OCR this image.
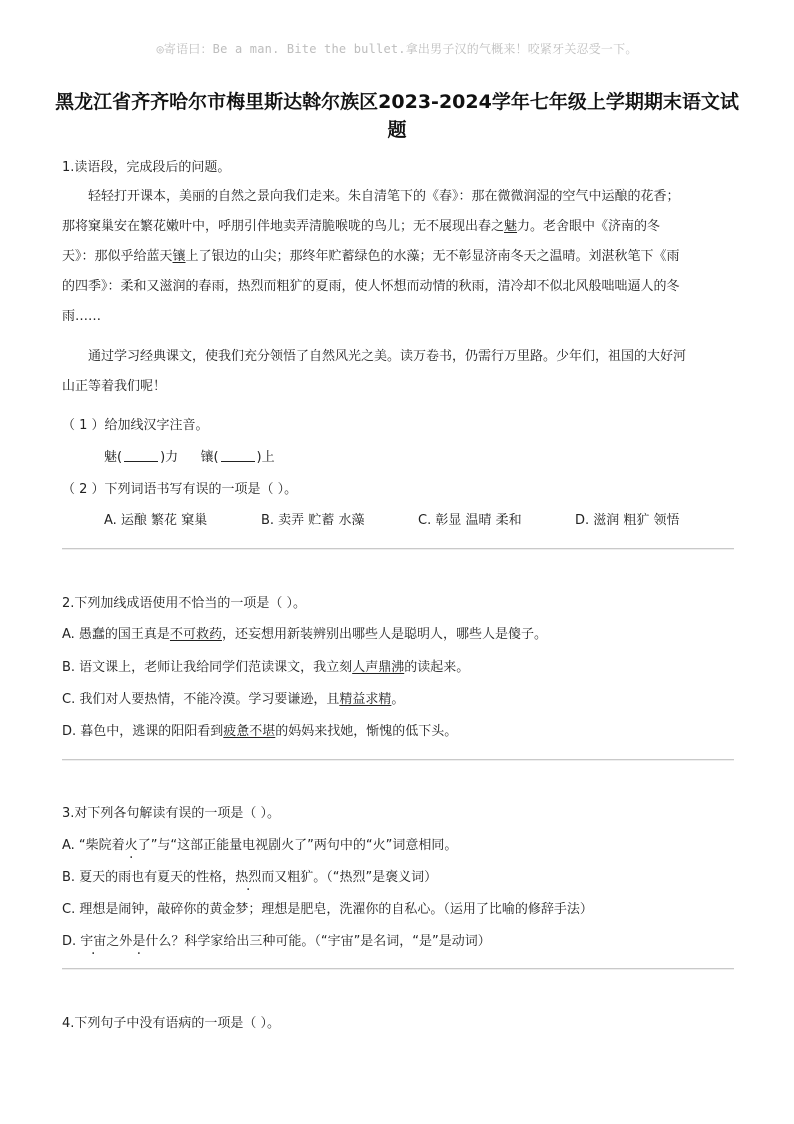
◎寄语曰：Be a man. Bite the bullet.拿出男子汉的气概来！咬紧牙关忍受一下。
黑龙江省齐齐哈尔市梅里斯达斡尔族区2023-2024学年七年级上学期期末语文试
题
1.读语段，完成段后的问题。
轻轻打开课本，美丽的自然之景向我们走来。朱自清笔下的《春》：那在微微润湿的空气中运酿的花香；
那将窠巢安在繁花嫩叶中，呼朋引伴地卖弄清脆喉咙的鸟儿；无不展现出春之魅力。老舍眼中《济南的冬
天》：那似乎给蓝天镶上了银边的山尖；那终年贮蓄绿色的水藻；无不彰显济南冬天之温晴。刘湛秋笔下《雨
的四季》：柔和又滋润的春雨，热烈而粗犷的夏雨，使人怀想而动情的秋雨，清冷却不似北风般咄咄逼人的冬
雨……
通过学习经典课文，使我们充分领悟了自然风光之美。读万卷书，仍需行万里路。少年们，祖国的大好河
山正等着我们呢！
（ 1 ）给加线汉字注音。
魅(	)力 镶(	)上
（ 2 ）下列词语书写有误的一项是（ ）。
A. 运酿 繁花 窠巢	B. 卖弄 贮蓄 水藻	C. 彰显 温晴 柔和	D. 滋润 粗犷 领悟
2.下列加线成语使用不恰当的一项是（ ）。
A. 愚蠢的国王真是不可救药，还妄想用新装辨别出哪些人是聪明人，哪些人是傻子。
B. 语文课上，老师让我给同学们范读课文，我立刻人声鼎沸的读起来。
C. 我们对人要热情，不能冷漠。学习要谦逊，且精益求精。
D. 暮色中，逃课的阳阳看到疲惫不堪的妈妈来找她，惭愧的低下头。
3.对下列各句解读有误的一项是（ ）。
A. “柴院着火了”与“这部正能量电视剧火了”两句中的“火”词意相同。
B. 夏天的雨也有夏天的性格，热烈而又粗犷。（“热烈”是褒义词）
C. 理想是闹钟，敲碎你的黄金梦；理想是肥皂，洗濯你的自私心。（运用了比喻的修辞手法）
D. 宇宙之外是什么？科学家给出三种可能。（“宇宙”是名词，“是”是动词）
4.下列句子中没有语病的一项是（ ）。
